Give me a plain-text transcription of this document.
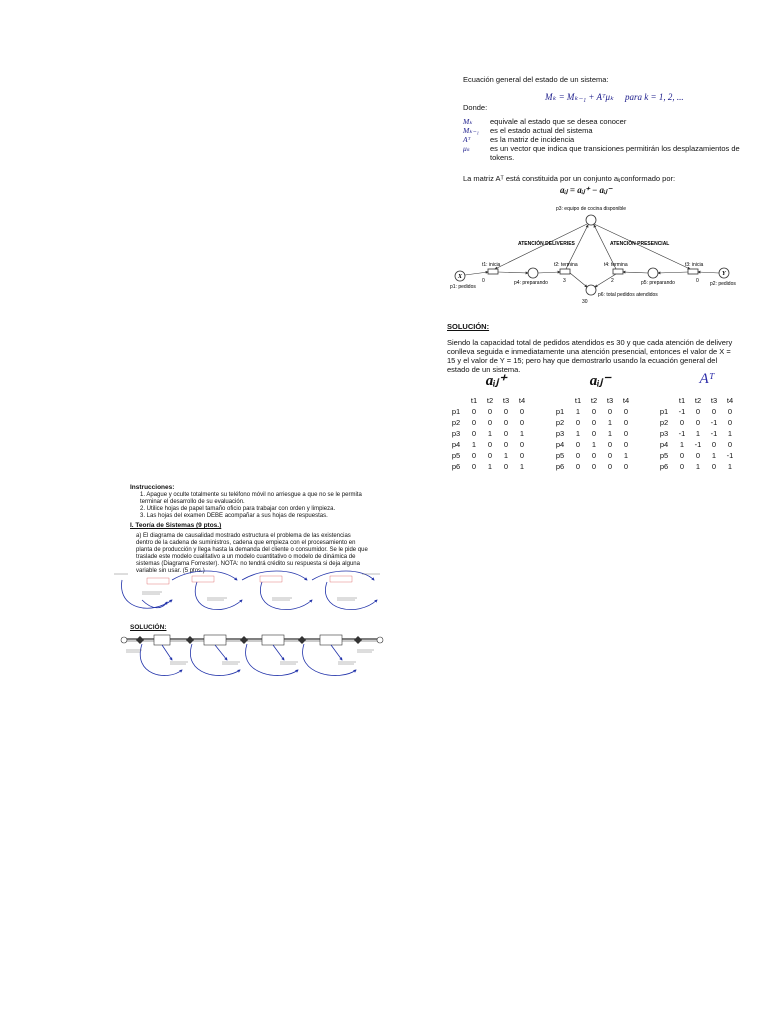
Ecuación general del estado de un sistema:
Mₖ = Mₖ₋₁ + Aᵀμₖ para k = 1, 2, ...
Donde:
Mₖ	equivale al estado que se desea conocer
Mₖ₋₁	es el estado actual del sistema
Aᵀ	es la matriz de incidencia
μₖ	es un vector que indica que transiciones permitirán los desplazamientos de tokens.
La matriz Aᵀ está constituida por un conjunto aᵢⱼconformado por:
aᵢⱼ = aᵢⱼ⁺ − aᵢⱼ⁻
p3: equipo de cocina disponible
ATENCIÓN DELIVERIES	ATENCIÓN PRESENCIAL
t1: inicia	t2: termina	t4: termina	t3: inicia
p1: pedidos	p2: pedidos
p4: preparando	p5: preparando
p6: total pedidos atendidos
X	Y
0	3	2	0
30
SOLUCIÓN:
Siendo la capacidad total de pedidos atendidos es 30 y que cada atención de delivery conlleva seguida e inmediatamente una atención presencial, entonces el valor de X = 15 y el valor de Y = 15; pero hay que demostrarlo usando la ecuación general del estado de un sistema.
aᵢⱼ⁺
	t1	t2	t3	t4
p1	0	0	0	0
p2	0	0	0	0
p3	0	1	0	1
p4	1	0	0	0
p5	0	0	1	0
p6	0	1	0	1
aᵢⱼ⁻
	t1	t2	t3	t4
p1	1	0	0	0
p2	0	0	1	0
p3	1	0	1	0
p4	0	1	0	0
p5	0	0	0	1
p6	0	0	0	0
Aᵀ
	t1	t2	t3	t4
p1	-1	0	0	0
p2	0	0	-1	0
p3	-1	1	-1	1
p4	1	-1	0	0
p5	0	0	1	-1
p6	0	1	0	1
Instrucciones:
1. Apague y oculte totalmente su teléfono móvil no arriesgue a que no se le permita terminar el desarrollo de su evaluación.
2. Utilice hojas de papel tamaño oficio para trabajar con orden y limpieza.
3. Las hojas del examen DEBE acompañar a sus hojas de respuestas.
I. Teoría de Sistemas (9 ptos.)
a) El diagrama de causalidad mostrado estructura el problema de las existencias dentro de la cadena de suministros, cadena que empieza con el procesamiento en planta de producción y llega hasta la demanda del cliente o consumidor. Se le pide que traslade este modelo cualitativo a un modelo cuantitativo o modelo de dinámica de sistemas (Diagrama Forrester). NOTA: no tendrá crédito su respuesta si deja alguna variable sin usar. (5 ptos.)
SOLUCIÓN:
